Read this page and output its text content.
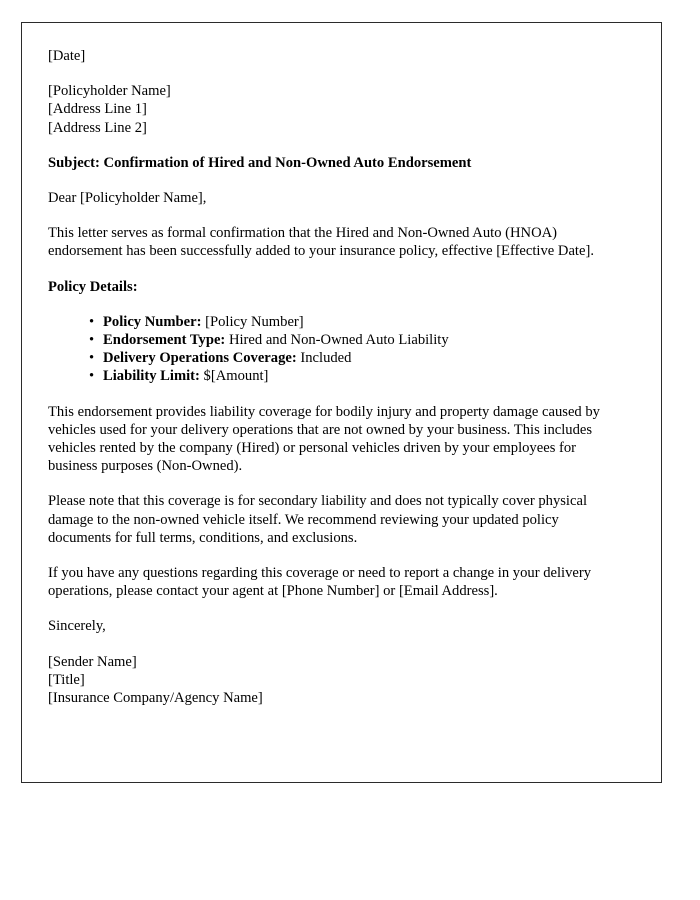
[Date]
[Policyholder Name]
[Address Line 1]
[Address Line 2]
Subject: Confirmation of Hired and Non-Owned Auto Endorsement
Dear [Policyholder Name],
This letter serves as formal confirmation that the Hired and Non-Owned Auto (HNOA) endorsement has been successfully added to your insurance policy, effective [Effective Date].
Policy Details:
• Policy Number: [Policy Number]
• Endorsement Type: Hired and Non-Owned Auto Liability
• Delivery Operations Coverage: Included
• Liability Limit: $[Amount]
This endorsement provides liability coverage for bodily injury and property damage caused by vehicles used for your delivery operations that are not owned by your business. This includes vehicles rented by the company (Hired) or personal vehicles driven by your employees for business purposes (Non-Owned).
Please note that this coverage is for secondary liability and does not typically cover physical damage to the non-owned vehicle itself. We recommend reviewing your updated policy documents for full terms, conditions, and exclusions.
If you have any questions regarding this coverage or need to report a change in your delivery operations, please contact your agent at [Phone Number] or [Email Address].
Sincerely,
[Sender Name]
[Title]
[Insurance Company/Agency Name]
